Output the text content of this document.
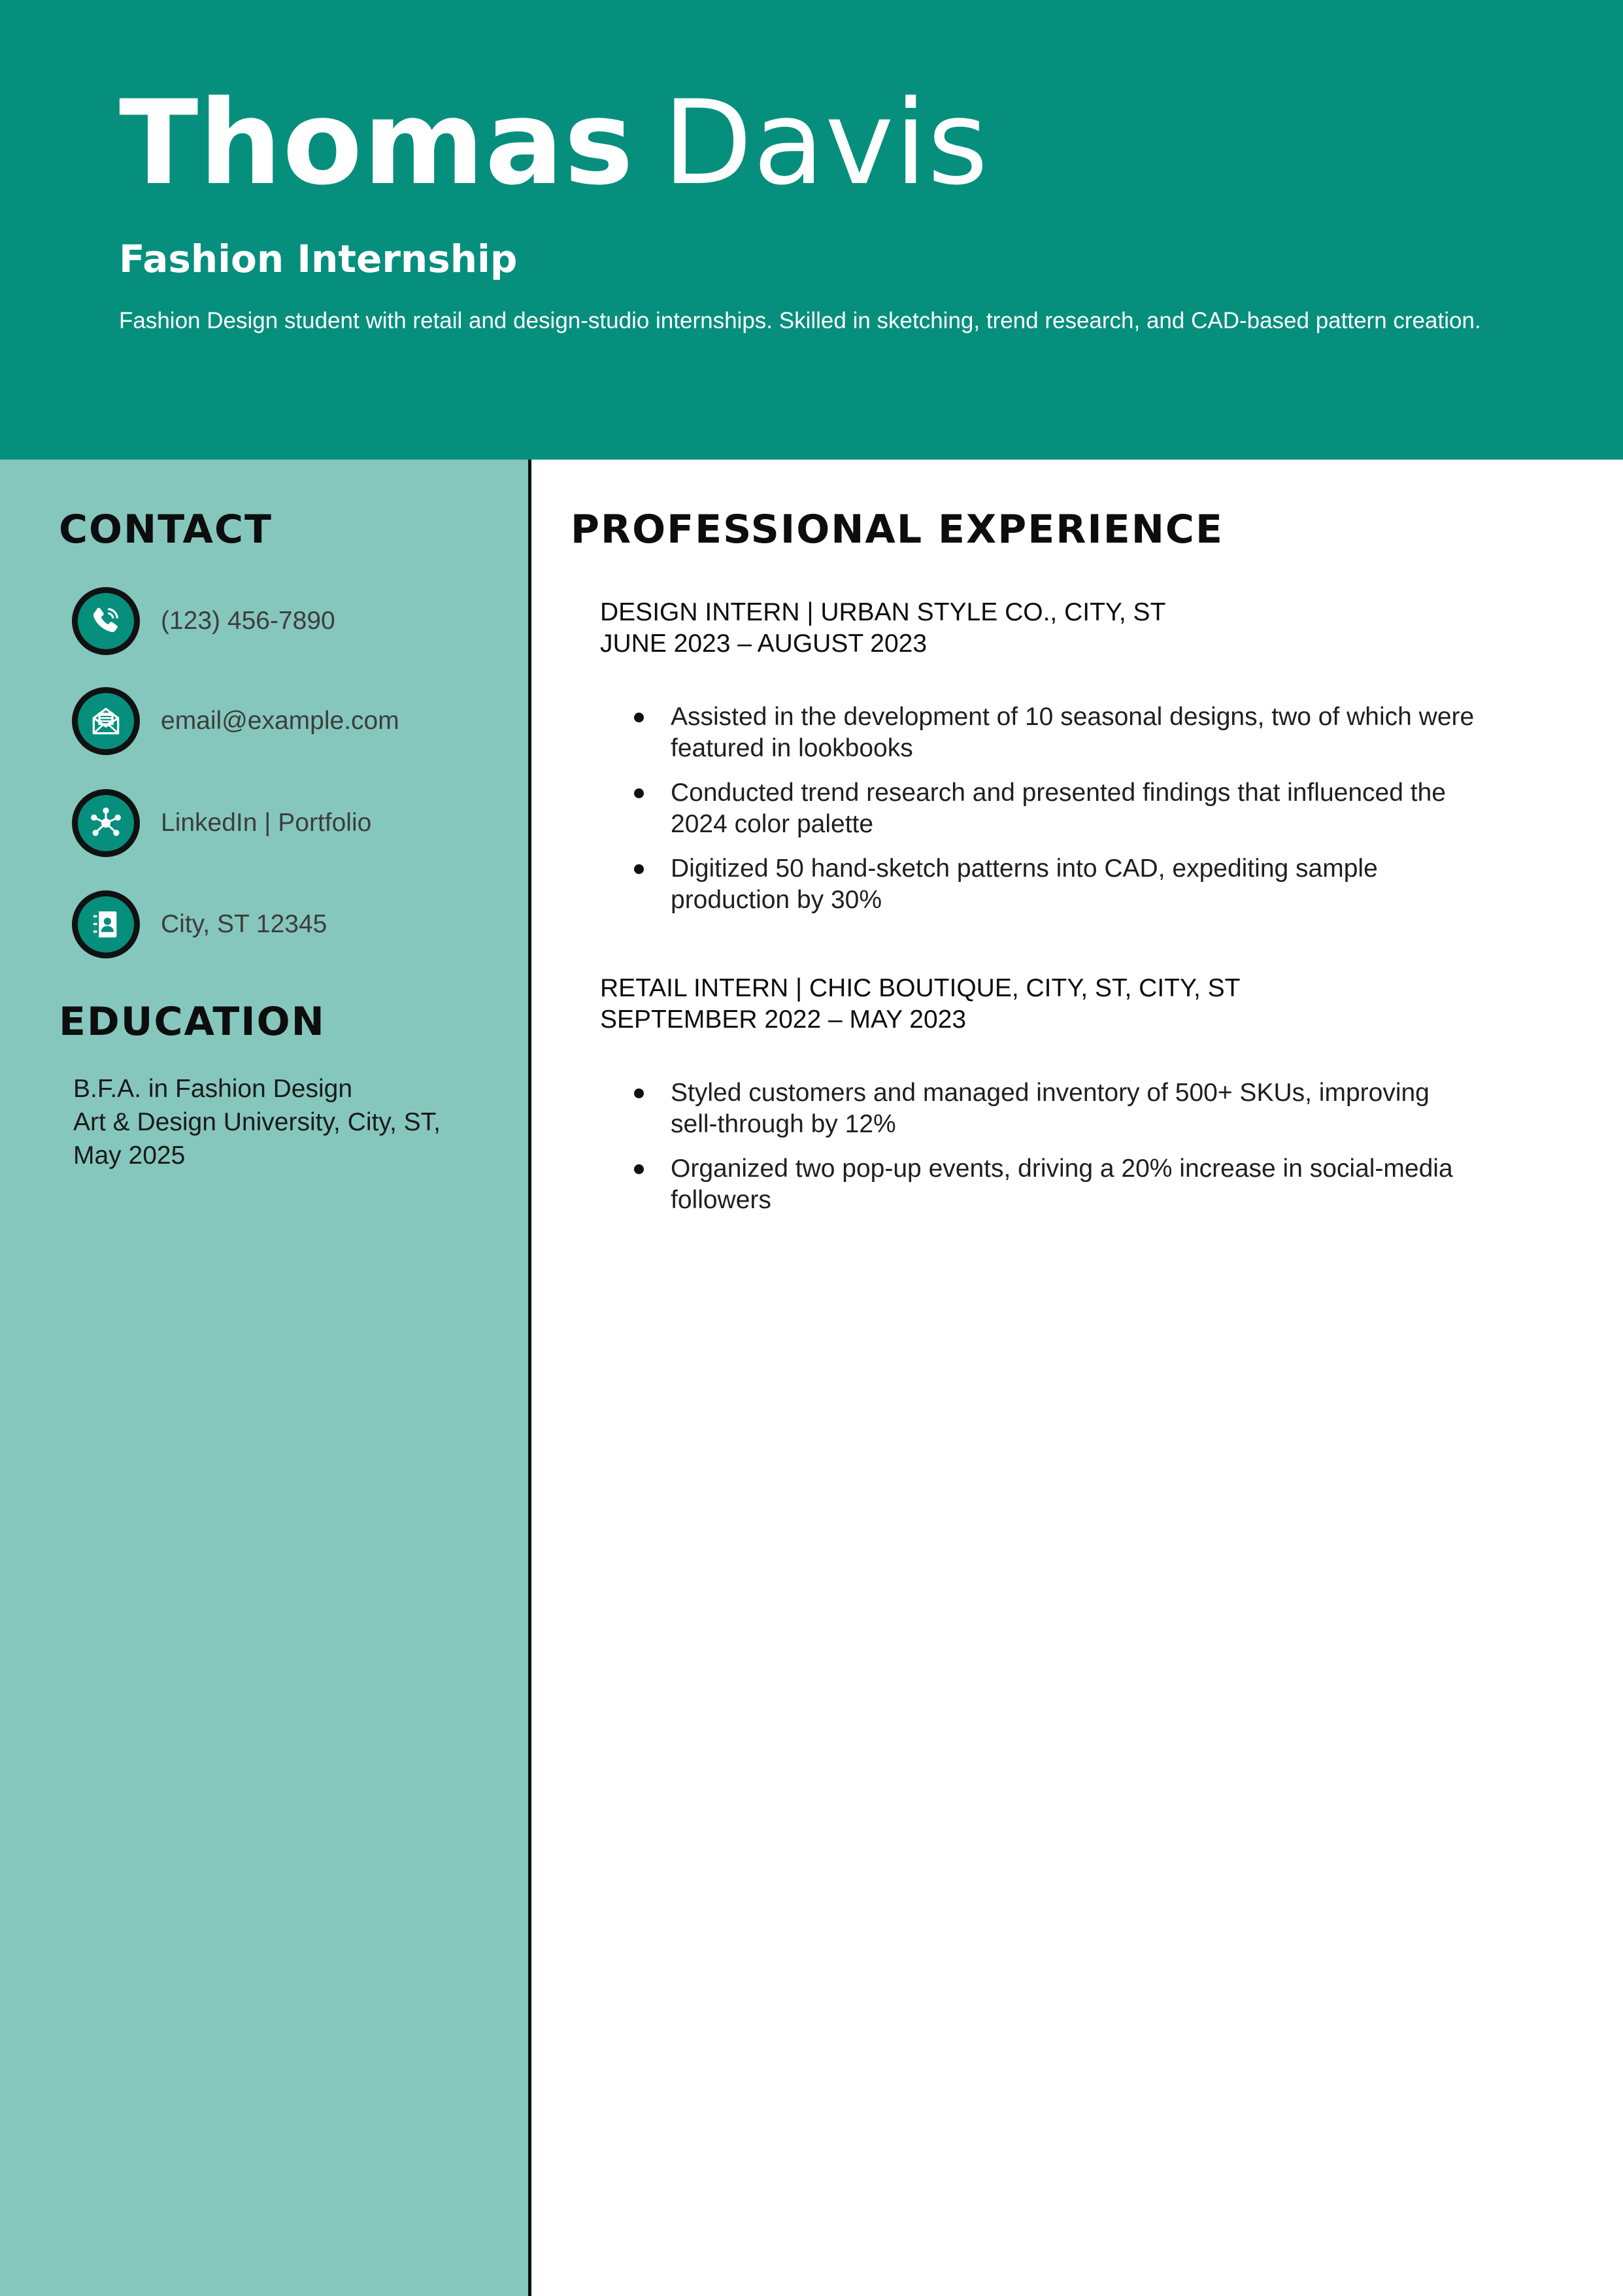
Thomas Davis
Fashion Internship
Fashion Design student with retail and design-studio internships. Skilled in sketching, trend research, and CAD-based pattern creation.
CONTACT
(123) 456-7890
email@example.com
LinkedIn | Portfolio
City, ST 12345
EDUCATION
B.F.A. in Fashion Design
Art & Design University, City, ST,
May 2025
PROFESSIONAL EXPERIENCE
DESIGN INTERN | URBAN STYLE CO., CITY, ST
JUNE 2023 – AUGUST 2023
Assisted in the development of 10 seasonal designs, two of which were featured in lookbooks
Conducted trend research and presented findings that influenced the 2024 color palette
Digitized 50 hand-sketch patterns into CAD, expediting sample production by 30%
RETAIL INTERN | CHIC BOUTIQUE, CITY, ST, CITY, ST
SEPTEMBER 2022 – MAY 2023
Styled customers and managed inventory of 500+ SKUs, improving sell-through by 12%
Organized two pop-up events, driving a 20% increase in social-media followers
